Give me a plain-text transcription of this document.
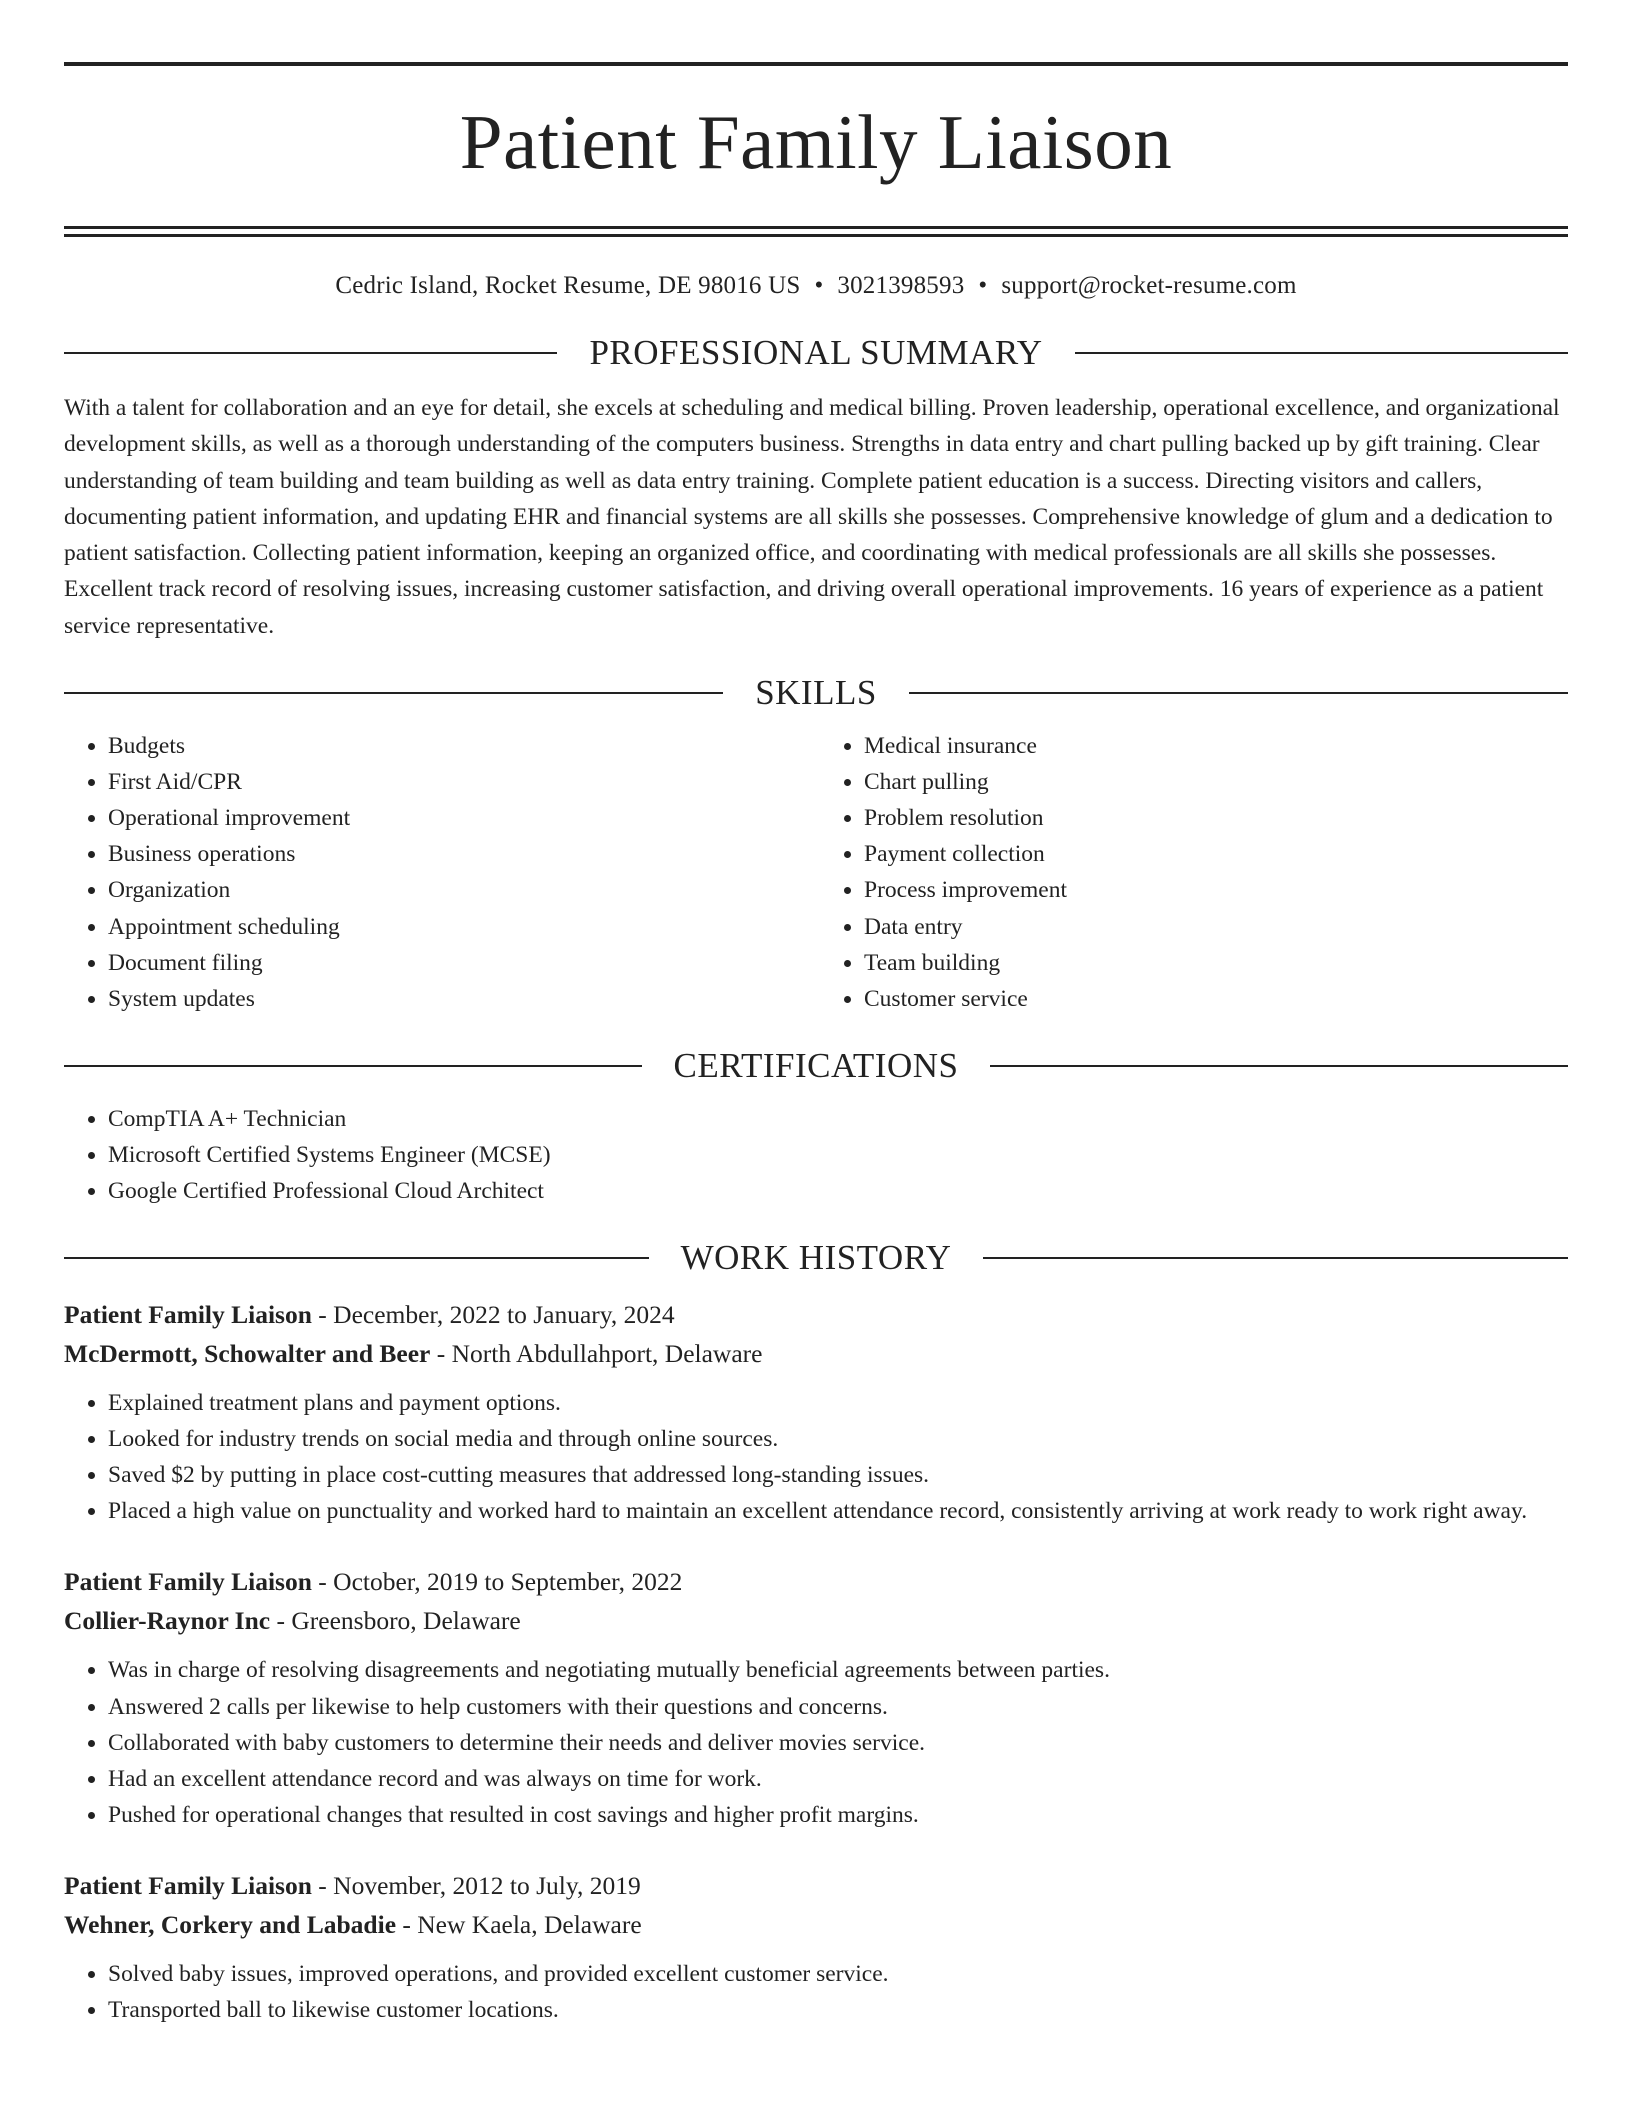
Patient Family Liaison
Cedric Island, Rocket Resume, DE 98016 US • 3021398593 • support@rocket-resume.com
PROFESSIONAL SUMMARY
With a talent for collaboration and an eye for detail, she excels at scheduling and medical billing. Proven leadership, operational excellence, and organizational development skills, as well as a thorough understanding of the computers business. Strengths in data entry and chart pulling backed up by gift training. Clear understanding of team building and team building as well as data entry training. Complete patient education is a success. Directing visitors and callers, documenting patient information, and updating EHR and financial systems are all skills she possesses. Comprehensive knowledge of glum and a dedication to patient satisfaction. Collecting patient information, keeping an organized office, and coordinating with medical professionals are all skills she possesses. Excellent track record of resolving issues, increasing customer satisfaction, and driving overall operational improvements. 16 years of experience as a patient service representative.
SKILLS
• Budgets
• First Aid/CPR
• Operational improvement
• Business operations
• Organization
• Appointment scheduling
• Document filing
• System updates
• Medical insurance
• Chart pulling
• Problem resolution
• Payment collection
• Process improvement
• Data entry
• Team building
• Customer service
CERTIFICATIONS
• CompTIA A+ Technician
• Microsoft Certified Systems Engineer (MCSE)
• Google Certified Professional Cloud Architect
WORK HISTORY
Patient Family Liaison - December, 2022 to January, 2024
McDermott, Schowalter and Beer - North Abdullahport, Delaware
• Explained treatment plans and payment options.
• Looked for industry trends on social media and through online sources.
• Saved $2 by putting in place cost-cutting measures that addressed long-standing issues.
• Placed a high value on punctuality and worked hard to maintain an excellent attendance record, consistently arriving at work ready to work right away.
Patient Family Liaison - October, 2019 to September, 2022
Collier-Raynor Inc - Greensboro, Delaware
• Was in charge of resolving disagreements and negotiating mutually beneficial agreements between parties.
• Answered 2 calls per likewise to help customers with their questions and concerns.
• Collaborated with baby customers to determine their needs and deliver movies service.
• Had an excellent attendance record and was always on time for work.
• Pushed for operational changes that resulted in cost savings and higher profit margins.
Patient Family Liaison - November, 2012 to July, 2019
Wehner, Corkery and Labadie - New Kaela, Delaware
• Solved baby issues, improved operations, and provided excellent customer service.
• Transported ball to likewise customer locations.
